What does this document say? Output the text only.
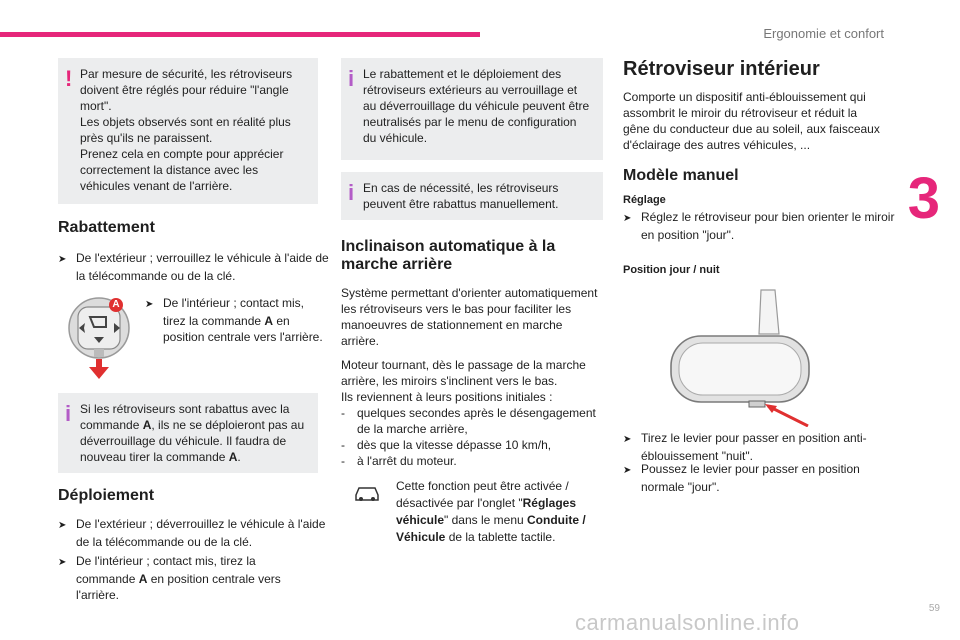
Ergonomie et confort
3
59
carmanualsonline.info
! Par mesure de sécurité, les rétroviseurs doivent être réglés pour réduire "l'angle mort".
Les objets observés sont en réalité plus près qu'ils ne paraissent.
Prenez cela en compte pour apprécier correctement la distance avec les véhicules venant de l'arrière.
Rabattement
➤ De l'extérieur ; verrouillez le véhicule à l'aide de la télécommande ou de la clé.
A	➤ De l'intérieur ; contact mis, tirez la commande A en position centrale vers l'arrière.
i Si les rétroviseurs sont rabattus avec la commande A, ils ne se déploieront pas au déverrouillage du véhicule. Il faudra de nouveau tirer la commande A.
Déploiement
➤ De l'extérieur ; déverrouillez le véhicule à l'aide de la télécommande ou de la clé.
➤ De l'intérieur ; contact mis, tirez la commande A en position centrale vers l'arrière.
i Le rabattement et le déploiement des rétroviseurs extérieurs au verrouillage et au déverrouillage du véhicule peuvent être neutralisés par le menu de configuration du véhicule.
i En cas de nécessité, les rétroviseurs peuvent être rabattus manuellement.
Inclinaison automatique à la marche arrière
Système permettant d'orienter automatiquement les rétroviseurs vers le bas pour faciliter les manoeuvres de stationnement en marche arrière.
Moteur tournant, dès le passage de la marche arrière, les miroirs s'inclinent vers le bas.
Ils reviennent à leurs positions initiales :
- quelques secondes après le désengagement de la marche arrière,
- dès que la vitesse dépasse 10 km/h,
- à l'arrêt du moteur.
Cette fonction peut être activée / désactivée par l'onglet "Réglages véhicule" dans le menu Conduite / Véhicule de la tablette tactile.
Rétroviseur intérieur
Comporte un dispositif anti-éblouissement qui assombrit le miroir du rétroviseur et réduit la gêne du conducteur due au soleil, aux faisceaux d'éclairage des autres véhicules, ...
Modèle manuel
Réglage
➤ Réglez le rétroviseur pour bien orienter le miroir en position "jour".
Position jour / nuit
➤ Tirez le levier pour passer en position anti-éblouissement "nuit".
➤ Poussez le levier pour passer en position normale "jour".
